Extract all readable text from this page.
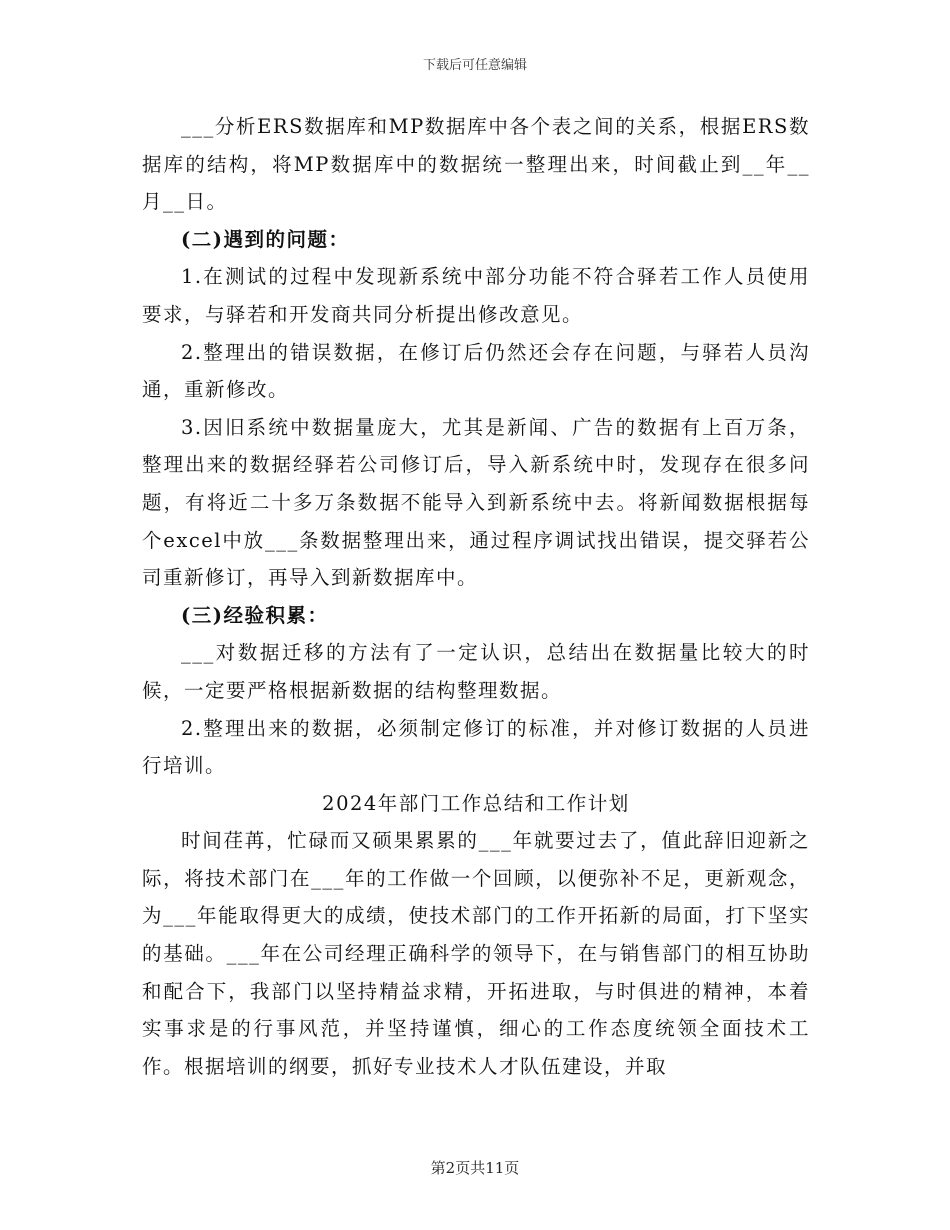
下载后可任意编辑

___分析ERS数据库和MP数据库中各个表之间的关系，根据ERS数据库的结构，将MP数据库中的数据统一整理出来，时间截止到__年__月__日。

(二)遇到的问题：

1.在测试的过程中发现新系统中部分功能不符合驿若工作人员使用要求，与驿若和开发商共同分析提出修改意见。

2.整理出的错误数据，在修订后仍然还会存在问题，与驿若人员沟通，重新修改。

3.因旧系统中数据量庞大，尤其是新闻、广告的数据有上百万条，整理出来的数据经驿若公司修订后，导入新系统中时，发现存在很多问题，有将近二十多万条数据不能导入到新系统中去。将新闻数据根据每个excel中放___条数据整理出来，通过程序调试找出错误，提交驿若公司重新修订，再导入到新数据库中。

(三)经验积累：

___对数据迁移的方法有了一定认识，总结出在数据量比较大的时候，一定要严格根据新数据的结构整理数据。

2.整理出来的数据，必须制定修订的标准，并对修订数据的人员进行培训。

2024年部门工作总结和工作计划

时间荏苒，忙碌而又硕果累累的___年就要过去了，值此辞旧迎新之际，将技术部门在___年的工作做一个回顾，以便弥补不足，更新观念，为___年能取得更大的成绩，使技术部门的工作开拓新的局面，打下坚实的基础。___年在公司经理正确科学的领导下，在与销售部门的相互协助和配合下，我部门以坚持精益求精，开拓进取，与时俱进的精神，本着实事求是的行事风范，并坚持谨慎，细心的工作态度统领全面技术工作。根据培训的纲要，抓好专业技术人才队伍建设，并取

第2页共11页
